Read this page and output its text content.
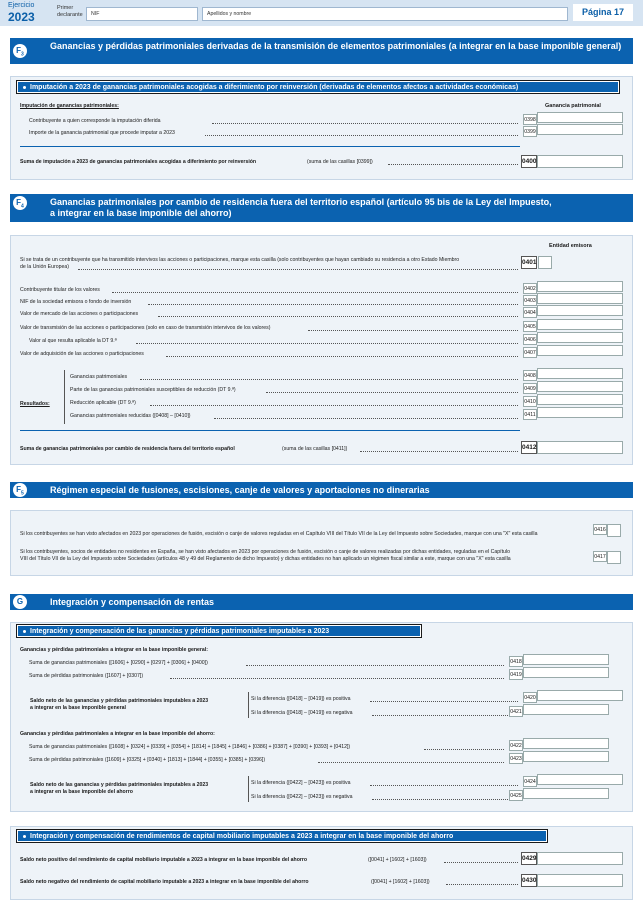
Ejercicio
2023
Primer declarante	NIF	Apellidos y nombre	Página 17
$F_3$
Ganancias y pérdidas patrimoniales derivadas de la transmisión de elementos patrimoniales (a integrar en la base imponible general)
Imputación a 2023 de ganancias patrimoniales acogidas a diferimiento por reinversión (derivadas de elementos afectos a actividades económicas)
Imputación de ganancias patrimoniales:	Ganancia patrimonial
Contribuyente a quien corresponde la imputación diferida	0398
Importe de la ganancia patrimonial que procede imputar a 2023	0399
Suma de imputación a 2023 de ganancias patrimoniales acogidas a diferimiento por reinversión	(suma de las casillas [0399])	0400
$F_4$	Ganancias patrimoniales por cambio de residencia fuera del territorio español (artículo 95 bis de la Ley del Impuesto,
a integrar en la base imponible del ahorro)
Entidad emisora
Si se trata de un contribuyente que ha transmitido intervivos las acciones o participaciones, marque esta casilla (solo contribuyentes que hayan cambiado su residencia a otro Estado Miembro
de la Unión Europea)
0401
Contribuyente titular de los valores	0402
NIF de la sociedad emisora o fondo de inversión	0403
Valor de mercado de las acciones o participaciones	0404
Valor de transmisión de las acciones o participaciones (solo en caso de transmisión intervivos de los valores)	0405
Valor al que resulta aplicable la DT 9.ª	0406
Valor de adquisición de las acciones o participaciones	0407
Resultados:
Ganancias patrimoniales	0408
Parte de las ganancias patrimoniales susceptibles de reducción (DT 9.ª)	0409
Reducción aplicable (DT 9.ª)	0410
Ganancias patrimoniales reducidas ([0408] – [0410])	0411
Suma de ganancias patrimoniales por cambio de residencia fuera del territorio español	(suma de las casillas [0411])	0412
$F_5$	Régimen especial de fusiones, escisiones, canje de valores y aportaciones no dinerarias
Si los contribuyentes se han visto afectados en 2023 por operaciones de fusión, escisión o canje de valores reguladas en el Capítulo VIII del Título VII de la Ley del Impuesto sobre Sociedades, marque con una "X" esta casilla
0416
Si los contribuyentes, socios de entidades no residentes en España, se han visto afectados en 2023 por operaciones de fusión, escisión o canje de valores realizadas por dichas entidades, reguladas en el Capítulo
VIII del Título VII de la Ley del Impuesto sobre Sociedades (artículos 48 y 49 del Reglamento de dicho Impuesto) y dichas entidades no han aplicado un régimen fiscal similar a este, marque con una "X" esta casilla	0417
G	Integración y compensación de rentas
Integración y compensación de las ganancias y pérdidas patrimoniales imputables a 2023
Ganancias y pérdidas patrimoniales a integrar en la base imponible general:
Suma de ganancias patrimoniales ([1606] + [0290] + [0297] + [0306] + [0400])	0418
Suma de pérdidas patrimoniales ([1607] + [0307])	0419
Saldo neto de las ganancias y pérdidas patrimoniales imputables a 2023
a integrar en la base imponible general
Si la diferencia ([0418] – [0419]) es positiva	0420
Si la diferencia ([0418] – [0419]) es negativa	0421
Ganancias y pérdidas patrimoniales a integrar en la base imponible del ahorro:
Suma de ganancias patrimoniales ([1608] + [0324] + [0339] + [0354] + [1814] + [1845] + [1846] + [0386] + [0387] + [0390] + [0393] + [0412])	0422
Suma de pérdidas patrimoniales ([1609] + [0325] + [0340] + [1813] + [1844] + [0355] + [0385] + [0396])	0423
Saldo neto de las ganancias y pérdidas patrimoniales imputables a 2023
a integrar en la base imponible del ahorro
Si la diferencia ([0422] – [0423]) es positiva	0424
Si la diferencia ([0422] – [0423]) es negativa	0425
Integración y compensación de rendimientos de capital mobiliario imputables a 2023 a integrar en la base imponible del ahorro
Saldo neto positivo del rendimiento de capital mobiliario imputable a 2023 a integrar en la base imponible del ahorro	([0041] + [1602] + [1603])	0429
Saldo neto negativo del rendimiento de capital mobiliario imputable a 2023 a integrar en la base imponible del ahorro	([0041] + [1602] + [1603])	0430
